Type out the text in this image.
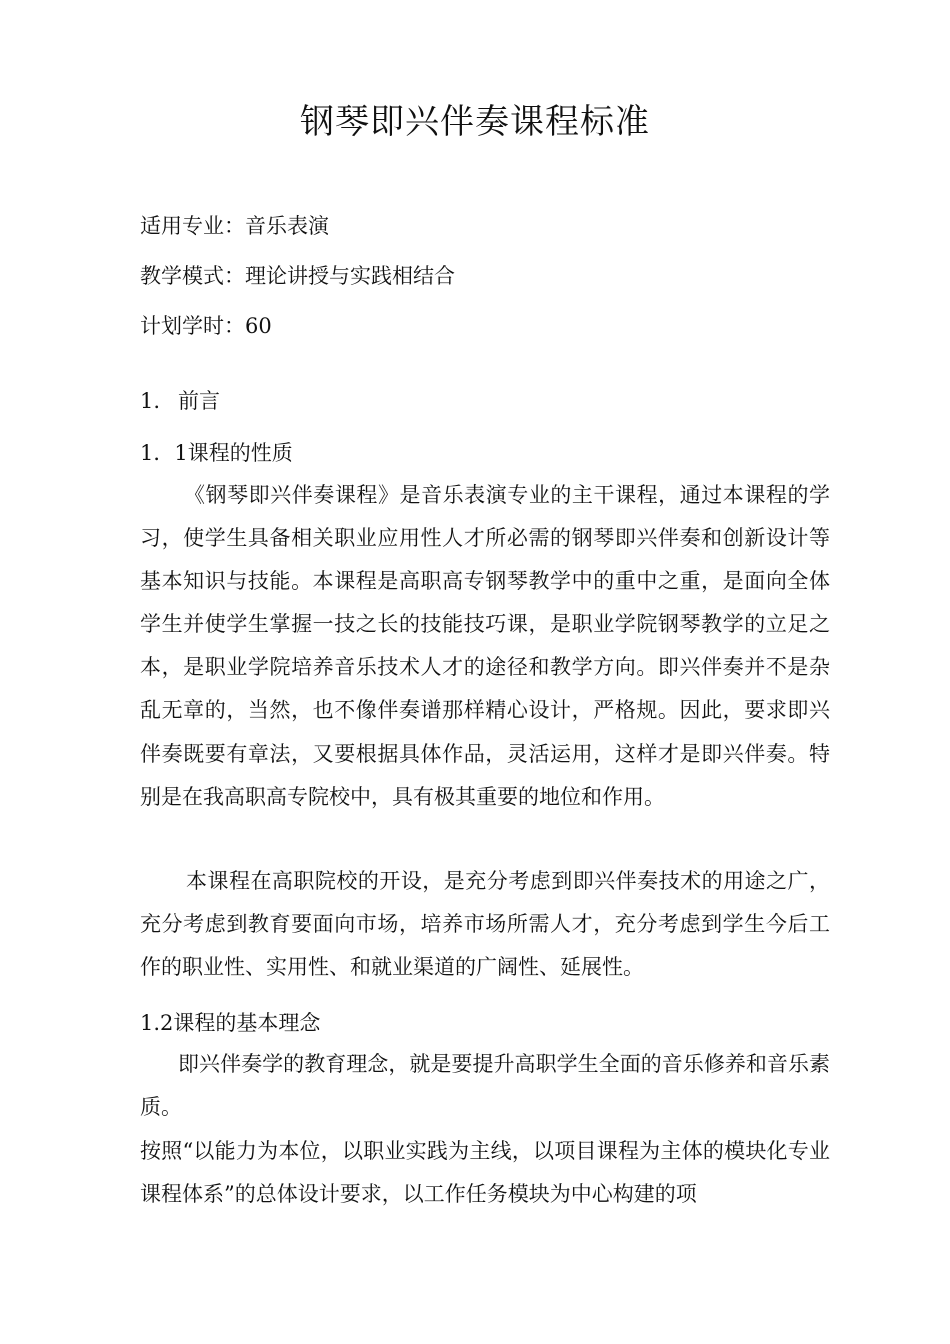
钢琴即兴伴奏课程标准
适用专业：音乐表演
教学模式：理论讲授与实践相结合
计划学时：60
1. 前言
1．1课程的性质

《钢琴即兴伴奏课程》是音乐表演专业的主干课程，通过本课程的学习，使学生具备相关职业应用性人才所必需的钢琴即兴伴奏和创新设计等基本知识与技能。本课程是高职高专钢琴教学中的重中之重，是面向全体学生并使学生掌握一技之长的技能技巧课，是职业学院钢琴教学的立足之本，是职业学院培养音乐技术人才的途径和教学方向。即兴伴奏并不是杂乱无章的，当然，也不像伴奏谱那样精心设计，严格规。因此，要求即兴伴奏既要有章法，又要根据具体作品，灵活运用，这样才是即兴伴奏。特别是在我高职高专院校中，具有极其重要的地位和作用。

本课程在高职院校的开设，是充分考虑到即兴伴奏技术的用途之广，充分考虑到教育要面向市场，培养市场所需人才，充分考虑到学生今后工作的职业性、实用性、和就业渠道的广阔性、延展性。

1.2课程的基本理念

即兴伴奏学的教育理念，就是要提升高职学生全面的音乐修养和音乐素质。

按照“以能力为本位，以职业实践为主线，以项目课程为主体的模块化专业课程体系”的总体设计要求，以工作任务模块为中心构建的项
